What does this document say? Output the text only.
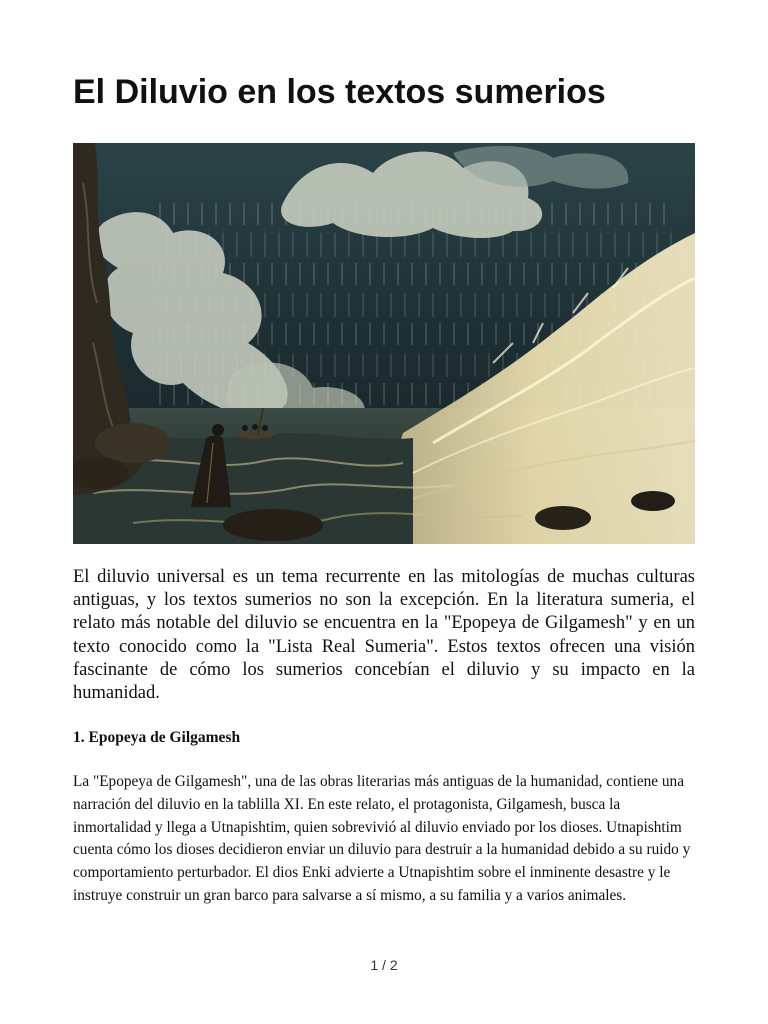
El Diluvio en los textos sumerios

El diluvio universal es un tema recurrente en las mitologías de muchas culturas antiguas, y los textos sumerios no son la excepción. En la literatura sumeria, el relato más notable del diluvio se encuentra en la "Epopeya de Gilgamesh" y en un texto conocido como la "Lista Real Sumeria". Estos textos ofrecen una visión fascinante de cómo los sumerios concebían el diluvio y su impacto en la humanidad.

1. Epopeya de Gilgamesh

La "Epopeya de Gilgamesh", una de las obras literarias más antiguas de la humanidad, contiene una narración del diluvio en la tablilla XI. En este relato, el protagonista, Gilgamesh, busca la inmortalidad y llega a Utnapishtim, quien sobrevivió al diluvio enviado por los dioses. Utnapishtim cuenta cómo los dioses decidieron enviar un diluvio para destruir a la humanidad debido a su ruido y comportamiento perturbador. El dios Enki advierte a Utnapishtim sobre el inminente desastre y le instruye construir un gran barco para salvarse a sí mismo, a su familia y a varios animales.

1 / 2
